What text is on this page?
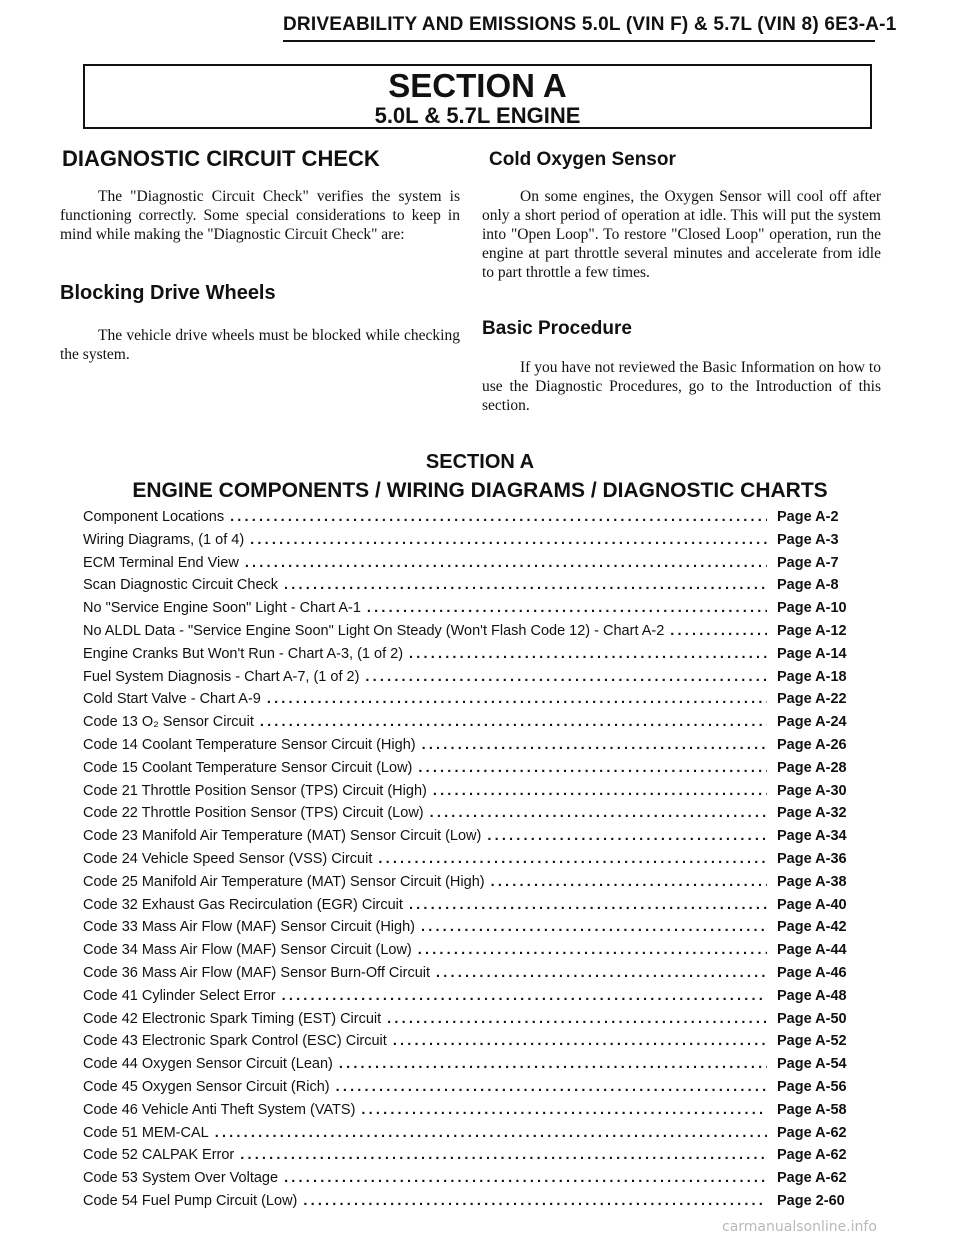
DRIVEABILITY AND EMISSIONS 5.0L (VIN F) & 5.7L (VIN 8) 6E3-A-1
SECTION A
5.0L & 5.7L ENGINE
DIAGNOSTIC CIRCUIT CHECK

The "Diagnostic Circuit Check" verifies the system is functioning correctly. Some special considerations to keep in mind while making the "Diagnostic Circuit Check" are:

Blocking Drive Wheels

The vehicle drive wheels must be blocked while checking the system.

Cold Oxygen Sensor

On some engines, the Oxygen Sensor will cool off after only a short period of operation at idle. This will put the system into "Open Loop". To restore "Closed Loop" operation, run the engine at part throttle several minutes and accelerate from idle to part throttle a few times.

Basic Procedure

If you have not reviewed the Basic Information on how to use the Diagnostic Procedures, go to the Introduction of this section.

SECTION A
ENGINE COMPONENTS / WIRING DIAGRAMS / DIAGNOSTIC CHARTS
Component Locations .....	Page A-2
Wiring Diagrams, (1 of 4) .....	Page A-3
ECM Terminal End View .....	Page A-7
Scan Diagnostic Circuit Check .....	Page A-8
No "Service Engine Soon" Light - Chart A-1 .....	Page A-10
No ALDL Data - "Service Engine Soon" Light On Steady (Won't Flash Code 12) - Chart A-2 .....	Page A-12
Engine Cranks But Won't Run - Chart A-3, (1 of 2) .....	Page A-14
Fuel System Diagnosis - Chart A-7, (1 of 2) .....	Page A-18
Cold Start Valve - Chart A-9 .....	Page A-22
Code 13 O₂ Sensor Circuit .....	Page A-24
Code 14 Coolant Temperature Sensor Circuit (High) .....	Page A-26
Code 15 Coolant Temperature Sensor Circuit (Low) .....	Page A-28
Code 21 Throttle Position Sensor (TPS) Circuit (High) .....	Page A-30
Code 22 Throttle Position Sensor (TPS) Circuit (Low) .....	Page A-32
Code 23 Manifold Air Temperature (MAT) Sensor Circuit (Low) .....	Page A-34
Code 24 Vehicle Speed Sensor (VSS) Circuit .....	Page A-36
Code 25 Manifold Air Temperature (MAT) Sensor Circuit (High) .....	Page A-38
Code 32 Exhaust Gas Recirculation (EGR) Circuit .....	Page A-40
Code 33 Mass Air Flow (MAF) Sensor Circuit (High) .....	Page A-42
Code 34 Mass Air Flow (MAF) Sensor Circuit (Low) .....	Page A-44
Code 36 Mass Air Flow (MAF) Sensor Burn-Off Circuit .....	Page A-46
Code 41 Cylinder Select Error .....	Page A-48
Code 42 Electronic Spark Timing (EST) Circuit .....	Page A-50
Code 43 Electronic Spark Control (ESC) Circuit .....	Page A-52
Code 44 Oxygen Sensor Circuit (Lean) .....	Page A-54
Code 45 Oxygen Sensor Circuit (Rich) .....	Page A-56
Code 46 Vehicle Anti Theft System (VATS) .....	Page A-58
Code 51 MEM-CAL .....	Page A-62
Code 52 CALPAK Error .....	Page A-62
Code 53 System Over Voltage .....	Page A-62
Code 54 Fuel Pump Circuit (Low) .....	Page 2-60
carmanualsonline.info
